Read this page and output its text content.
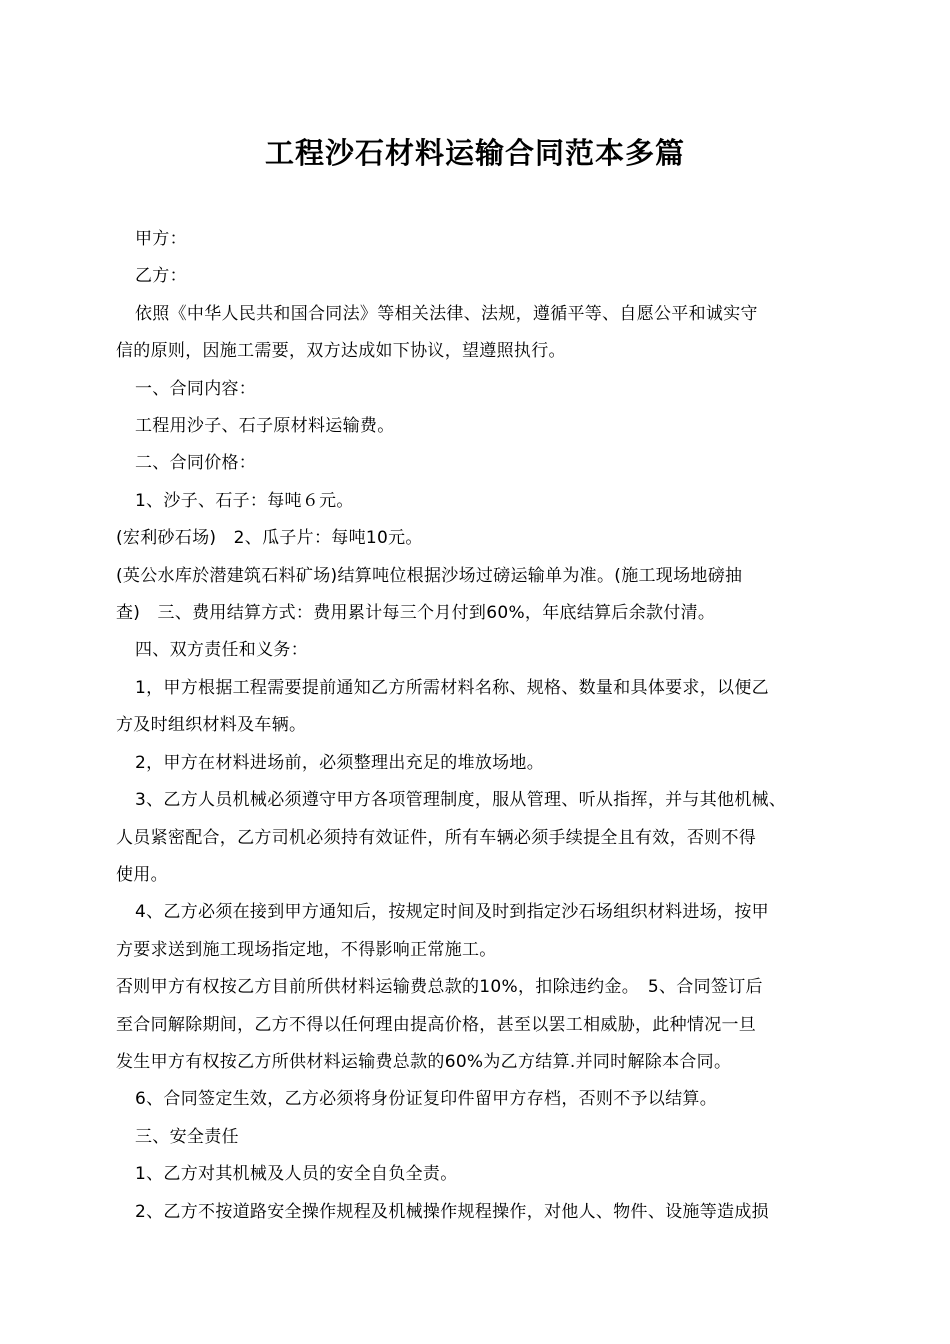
工程沙石材料运输合同范本多篇

甲方：

乙方：

依照《中华人民共和国合同法》等相关法律、法规，遵循平等、自愿公平和诚实守

信的原则，因施工需要，双方达成如下协议，望遵照执行。

一、合同内容：

工程用沙子、石子原材料运输费。

二、合同价格：

1、沙子、石子：每吨６元。

(宏利砂石场)　2、瓜子片：每吨10元。

(英公水库於潜建筑石料矿场)结算吨位根据沙场过磅运输单为准。(施工现场地磅抽

查)　三、费用结算方式：费用累计每三个月付到60%，年底结算后余款付清。

四、双方责任和义务：

1，甲方根据工程需要提前通知乙方所需材料名称、规格、数量和具体要求，以便乙

方及时组织材料及车辆。

2，甲方在材料进场前，必须整理出充足的堆放场地。

3、乙方人员机械必须遵守甲方各项管理制度，服从管理、听从指挥，并与其他机械、

人员紧密配合，乙方司机必须持有效证件，所有车辆必须手续提全且有效，否则不得

使用。

4、乙方必须在接到甲方通知后，按规定时间及时到指定沙石场组织材料进场，按甲

方要求送到施工现场指定地，不得影响正常施工。

否则甲方有权按乙方目前所供材料运输费总款的10%，扣除违约金。　5、合同签订后

至合同解除期间，乙方不得以任何理由提高价格，甚至以罢工相威胁，此种情况一旦

发生甲方有权按乙方所供材料运输费总款的60%为乙方结算.并同时解除本合同。

6、合同签定生效，乙方必须将身份证复印件留甲方存档，否则不予以结算。

三、安全责任

1、乙方对其机械及人员的安全自负全责。

2、乙方不按道路安全操作规程及机械操作规程操作，对他人、物件、设施等造成损
